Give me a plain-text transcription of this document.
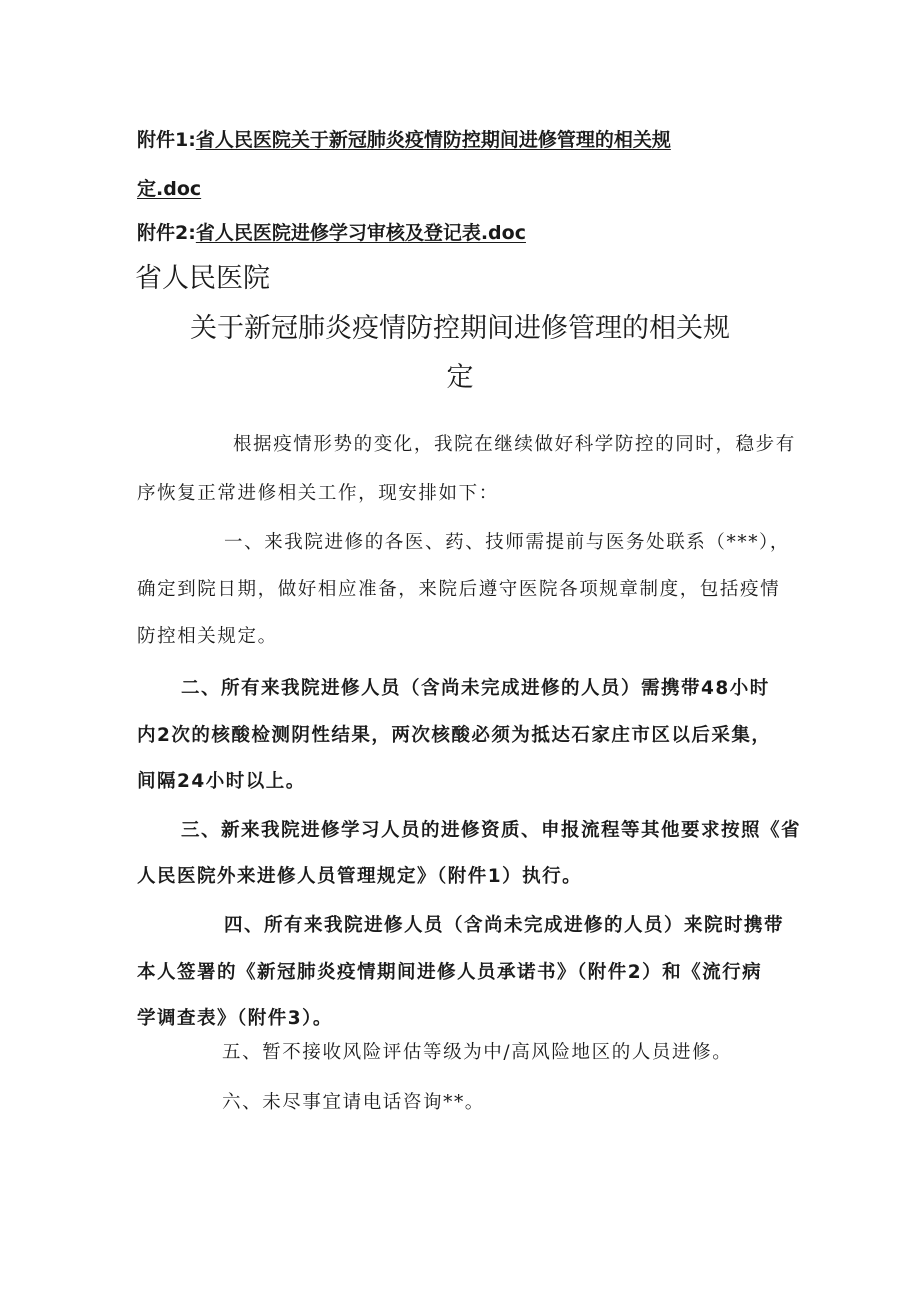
附件1:省人民医院关于新冠肺炎疫情防控期间进修管理的相关规
定.doc
附件2:省人民医院进修学习审核及登记表.doc
省人民医院
关于新冠肺炎疫情防控期间进修管理的相关规
定
根据疫情形势的变化，我院在继续做好科学防控的同时，稳步有
序恢复正常进修相关工作，现安排如下：
一、来我院进修的各医、药、技师需提前与医务处联系（***），
确定到院日期，做好相应准备，来院后遵守医院各项规章制度，包括疫情
防控相关规定。
二、所有来我院进修人员（含尚未完成进修的人员）需携带48小时
内2次的核酸检测阴性结果，两次核酸必须为抵达石家庄市区以后采集，
间隔24小时以上。
三、新来我院进修学习人员的进修资质、申报流程等其他要求按照《省
人民医院外来进修人员管理规定》（附件1）执行。
四、所有来我院进修人员（含尚未完成进修的人员）来院时携带
本人签署的《新冠肺炎疫情期间进修人员承诺书》（附件2）和《流行病
学调查表》（附件3）。
五、暂不接收风险评估等级为中/高风险地区的人员进修。
六、未尽事宜请电话咨询**。
